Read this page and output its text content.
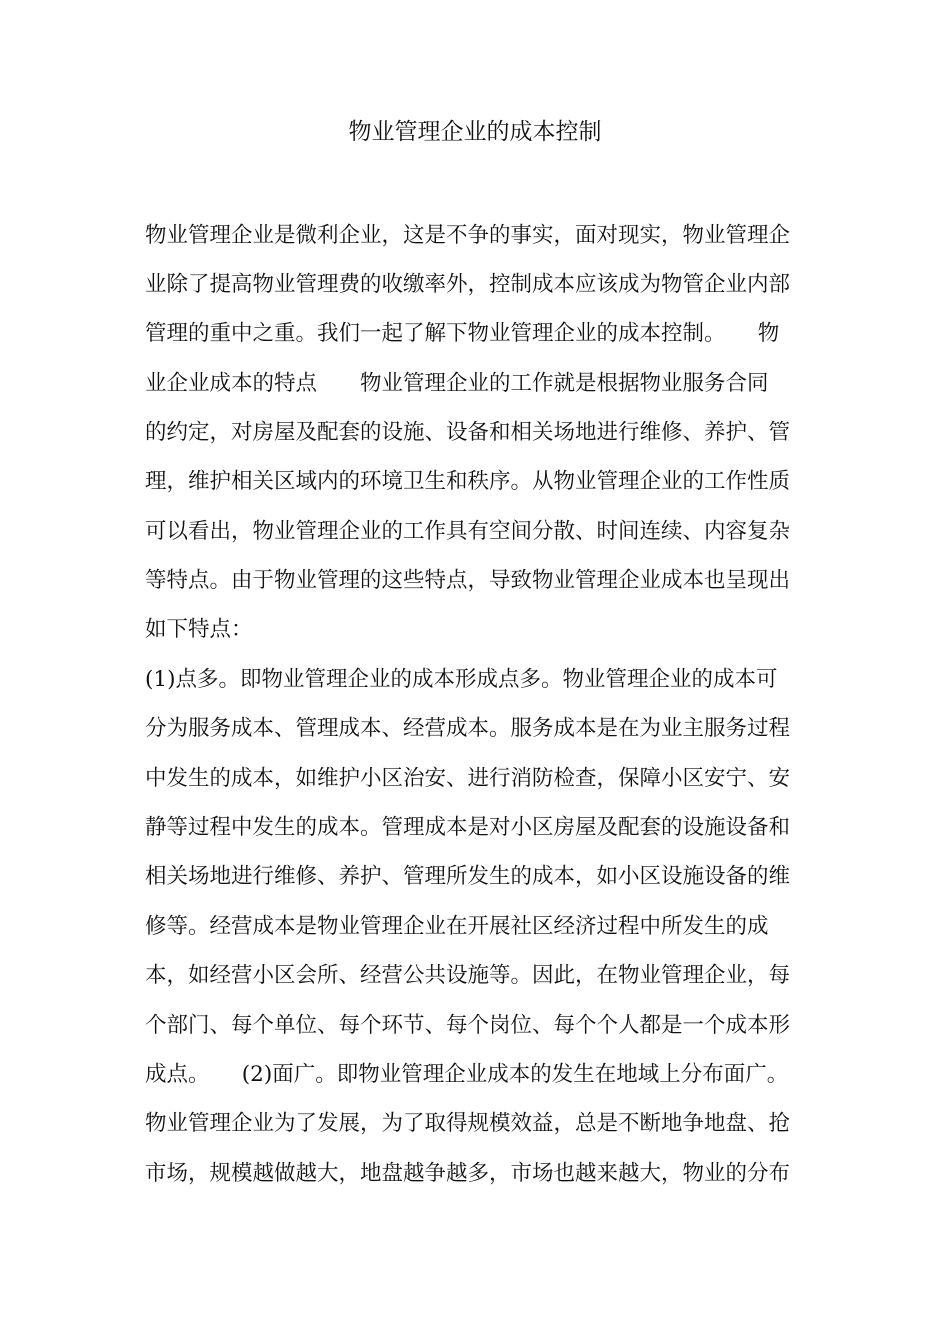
物业管理企业的成本控制
物业管理企业是微利企业，这是不争的事实，面对现实，物业管理企
业除了提高物业管理费的收缴率外，控制成本应该成为物管企业内部
管理的重中之重。我们一起了解下物业管理企业的成本控制。　　物
业企业成本的特点　　物业管理企业的工作就是根据物业服务合同
的约定，对房屋及配套的设施、设备和相关场地进行维修、养护、管
理，维护相关区域内的环境卫生和秩序。从物业管理企业的工作性质
可以看出，物业管理企业的工作具有空间分散、时间连续、内容复杂
等特点。由于物业管理的这些特点，导致物业管理企业成本也呈现出
如下特点：
(1)点多。即物业管理企业的成本形成点多。物业管理企业的成本可
分为服务成本、管理成本、经营成本。服务成本是在为业主服务过程
中发生的成本，如维护小区治安、进行消防检查，保障小区安宁、安
静等过程中发生的成本。管理成本是对小区房屋及配套的设施设备和
相关场地进行维修、养护、管理所发生的成本，如小区设施设备的维
修等。经营成本是物业管理企业在开展社区经济过程中所发生的成
本，如经营小区会所、经营公共设施等。因此，在物业管理企业，每
个部门、每个单位、每个环节、每个岗位、每个个人都是一个成本形
成点。　　(2)面广。即物业管理企业成本的发生在地域上分布面广。
物业管理企业为了发展，为了取得规模效益，总是不断地争地盘、抢
市场，规模越做越大，地盘越争越多，市场也越来越大，物业的分布
